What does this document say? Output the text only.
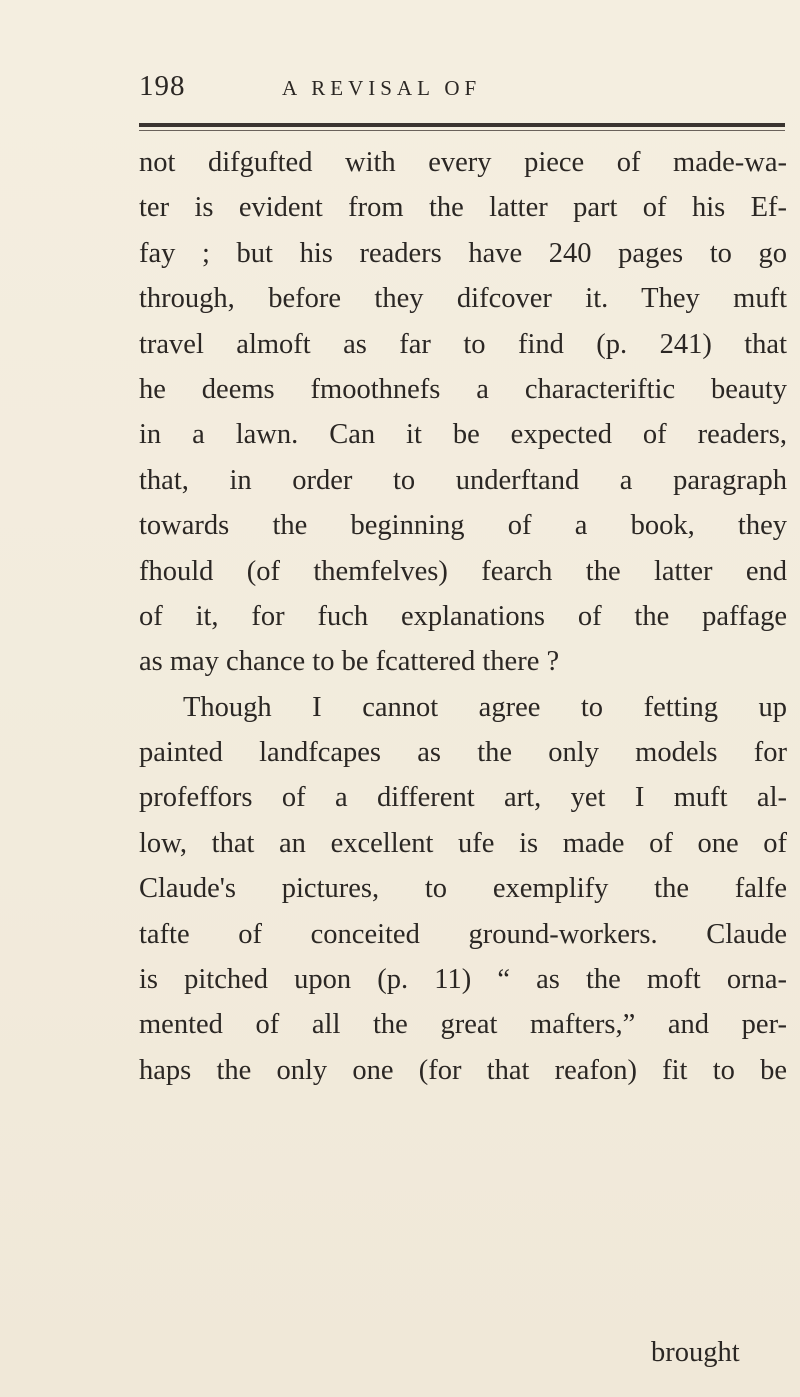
198	A REVISAL OF
not difgufted with every piece of made-wa-
ter is evident from the latter part of his Ef-
fay ; but his readers have 240 pages to go
through, before they difcover it. They muft
travel almoft as far to find (p. 241) that
he deems fmoothnefs a characteriftic beauty
in a lawn. Can it be expected of readers,
that, in order to underftand a paragraph
towards the beginning of a book, they
fhould (of themfelves) fearch the latter end
of it, for fuch explanations of the paffage
as may chance to be fcattered there ?
Though I cannot agree to fetting up
painted landfcapes as the only models for
profeffors of a different art, yet I muft al-
low, that an excellent ufe is made of one of
Claude's pictures, to exemplify the falfe
tafte of conceited ground-workers. Claude
is pitched upon (p. 11) “ as the moft orna-
mented of all the great mafters,” and per-
haps the only one (for that reafon) fit to be
brought
